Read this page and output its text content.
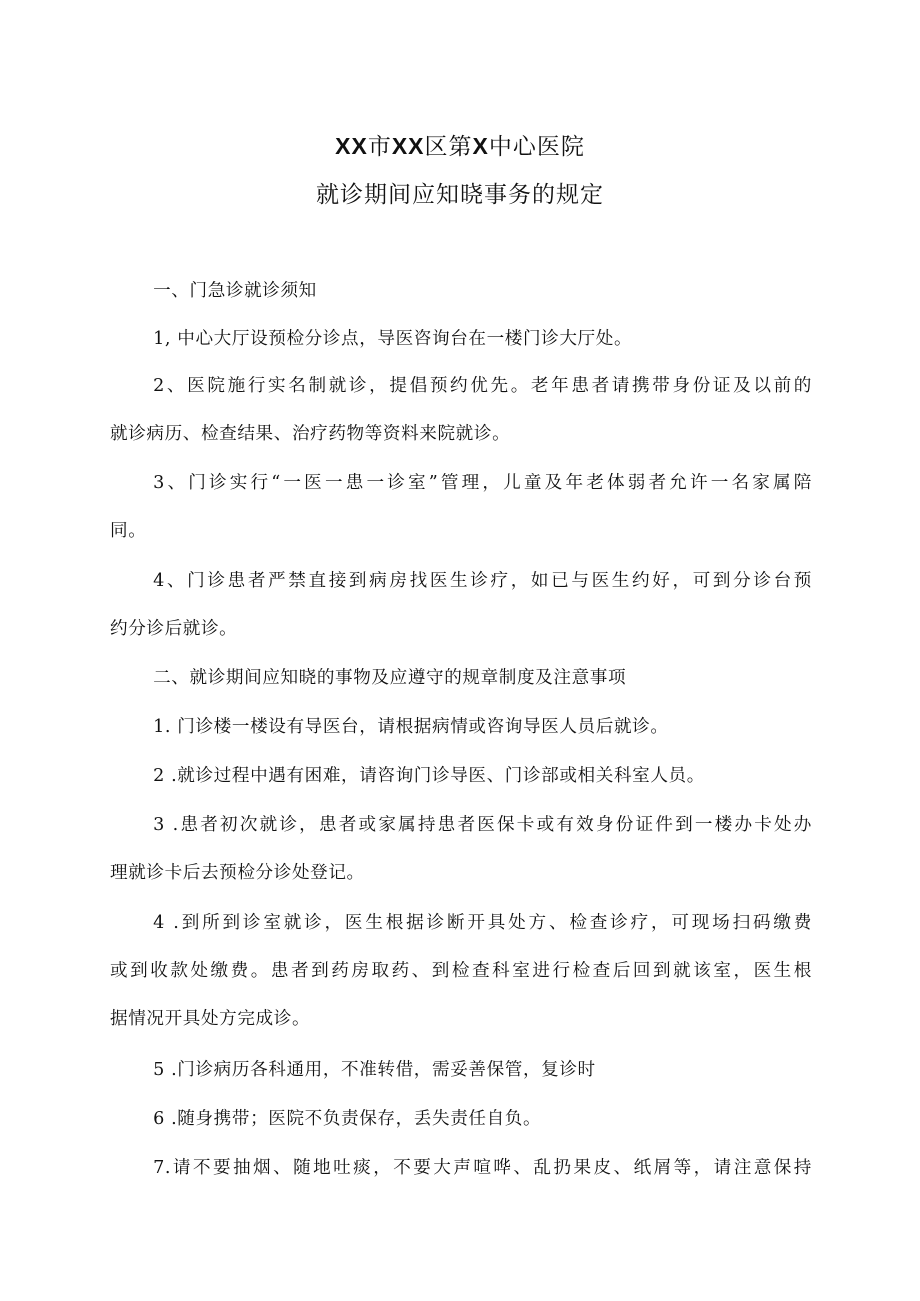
XX市XX区第X中心医院
就诊期间应知晓事务的规定

一、门急诊就诊须知

1, 中心大厅设预检分诊点，导医咨询台在一楼门诊大厅处。

2、医院施行实名制就诊，提倡预约优先。老年患者请携带身份证及以前的
就诊病历、检查结果、治疗药物等资料来院就诊。

3、门诊实行“一医一患一诊室”管理，儿童及年老体弱者允许一名家属陪
同。

4、门诊患者严禁直接到病房找医生诊疗，如已与医生约好，可到分诊台预
约分诊后就诊。

二、就诊期间应知晓的事物及应遵守的规章制度及注意事项

1. 门诊楼一楼设有导医台，请根据病情或咨询导医人员后就诊。

2 .就诊过程中遇有困难，请咨询门诊导医、门诊部或相关科室人员。

3 .患者初次就诊，患者或家属持患者医保卡或有效身份证件到一楼办卡处办
理就诊卡后去预检分诊处登记。

4 .到所到诊室就诊，医生根据诊断开具处方、检查诊疗，可现场扫码缴费
或到收款处缴费。患者到药房取药、到检查科室进行检查后回到就该室，医生根
据情况开具处方完成诊。

5 .门诊病历各科通用，不准转借，需妥善保管，复诊时

6 .随身携带；医院不负责保存，丢失责任自负。

7.请不要抽烟、随地吐痰，不要大声喧哗、乱扔果皮、纸屑等，请注意保持
